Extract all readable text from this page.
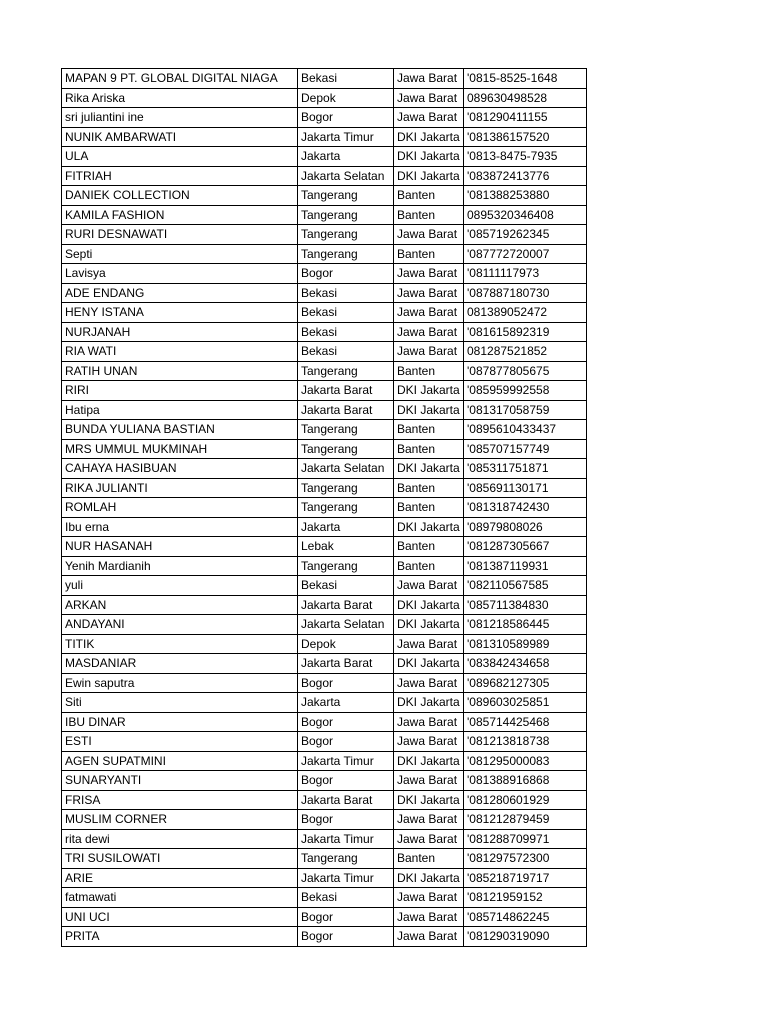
MAPAN 9 PT. GLOBAL DIGITAL NIAGA	Bekasi	Jawa Barat	'0815-8525-1648
Rika Ariska	Depok	Jawa Barat	089630498528
sri juliantini ine	Bogor	Jawa Barat	'081290411155
NUNIK AMBARWATI	Jakarta Timur	DKI Jakarta	'081386157520
ULA	Jakarta	DKI Jakarta	'0813-8475-7935
FITRIAH	Jakarta Selatan	DKI Jakarta	'083872413776
DANIEK COLLECTION	Tangerang	Banten	'081388253880
KAMILA FASHION	Tangerang	Banten	0895320346408
RURI DESNAWATI	Tangerang	Jawa Barat	'085719262345
Septi	Tangerang	Banten	'087772720007
Lavisya	Bogor	Jawa Barat	'08111117973
ADE ENDANG	Bekasi	Jawa Barat	'087887180730
HENY ISTANA	Bekasi	Jawa Barat	081389052472
NURJANAH	Bekasi	Jawa Barat	'081615892319
RIA WATI	Bekasi	Jawa Barat	081287521852
RATIH UNAN	Tangerang	Banten	'087877805675
RIRI	Jakarta Barat	DKI Jakarta	'085959992558
Hatipa	Jakarta Barat	DKI Jakarta	'081317058759
BUNDA YULIANA BASTIAN	Tangerang	Banten	'0895610433437
MRS UMMUL MUKMINAH	Tangerang	Banten	'085707157749
CAHAYA HASIBUAN	Jakarta Selatan	DKI Jakarta	'085311751871
RIKA JULIANTI	Tangerang	Banten	'085691130171
ROMLAH	Tangerang	Banten	'081318742430
Ibu erna	Jakarta	DKI Jakarta	'08979808026
NUR HASANAH	Lebak	Banten	'081287305667
Yenih Mardianih	Tangerang	Banten	'081387119931
yuli	Bekasi	Jawa Barat	'082110567585
ARKAN	Jakarta Barat	DKI Jakarta	'085711384830
ANDAYANI	Jakarta Selatan	DKI Jakarta	'081218586445
TITIK	Depok	Jawa Barat	'081310589989
MASDANIAR	Jakarta Barat	DKI Jakarta	'083842434658
Ewin saputra	Bogor	Jawa Barat	'089682127305
Siti	Jakarta	DKI Jakarta	'089603025851
IBU DINAR	Bogor	Jawa Barat	'085714425468
ESTI	Bogor	Jawa Barat	'081213818738
AGEN SUPATMINI	Jakarta Timur	DKI Jakarta	'081295000083
SUNARYANTI	Bogor	Jawa Barat	'081388916868
FRISA	Jakarta Barat	DKI Jakarta	'081280601929
MUSLIM CORNER	Bogor	Jawa Barat	'081212879459
rita dewi	Jakarta Timur	Jawa Barat	'081288709971
TRI SUSILOWATI	Tangerang	Banten	'081297572300
ARIE	Jakarta Timur	DKI Jakarta	'085218719717
fatmawati	Bekasi	Jawa Barat	'08121959152
UNI UCI	Bogor	Jawa Barat	'085714862245
PRITA	Bogor	Jawa Barat	'081290319090
